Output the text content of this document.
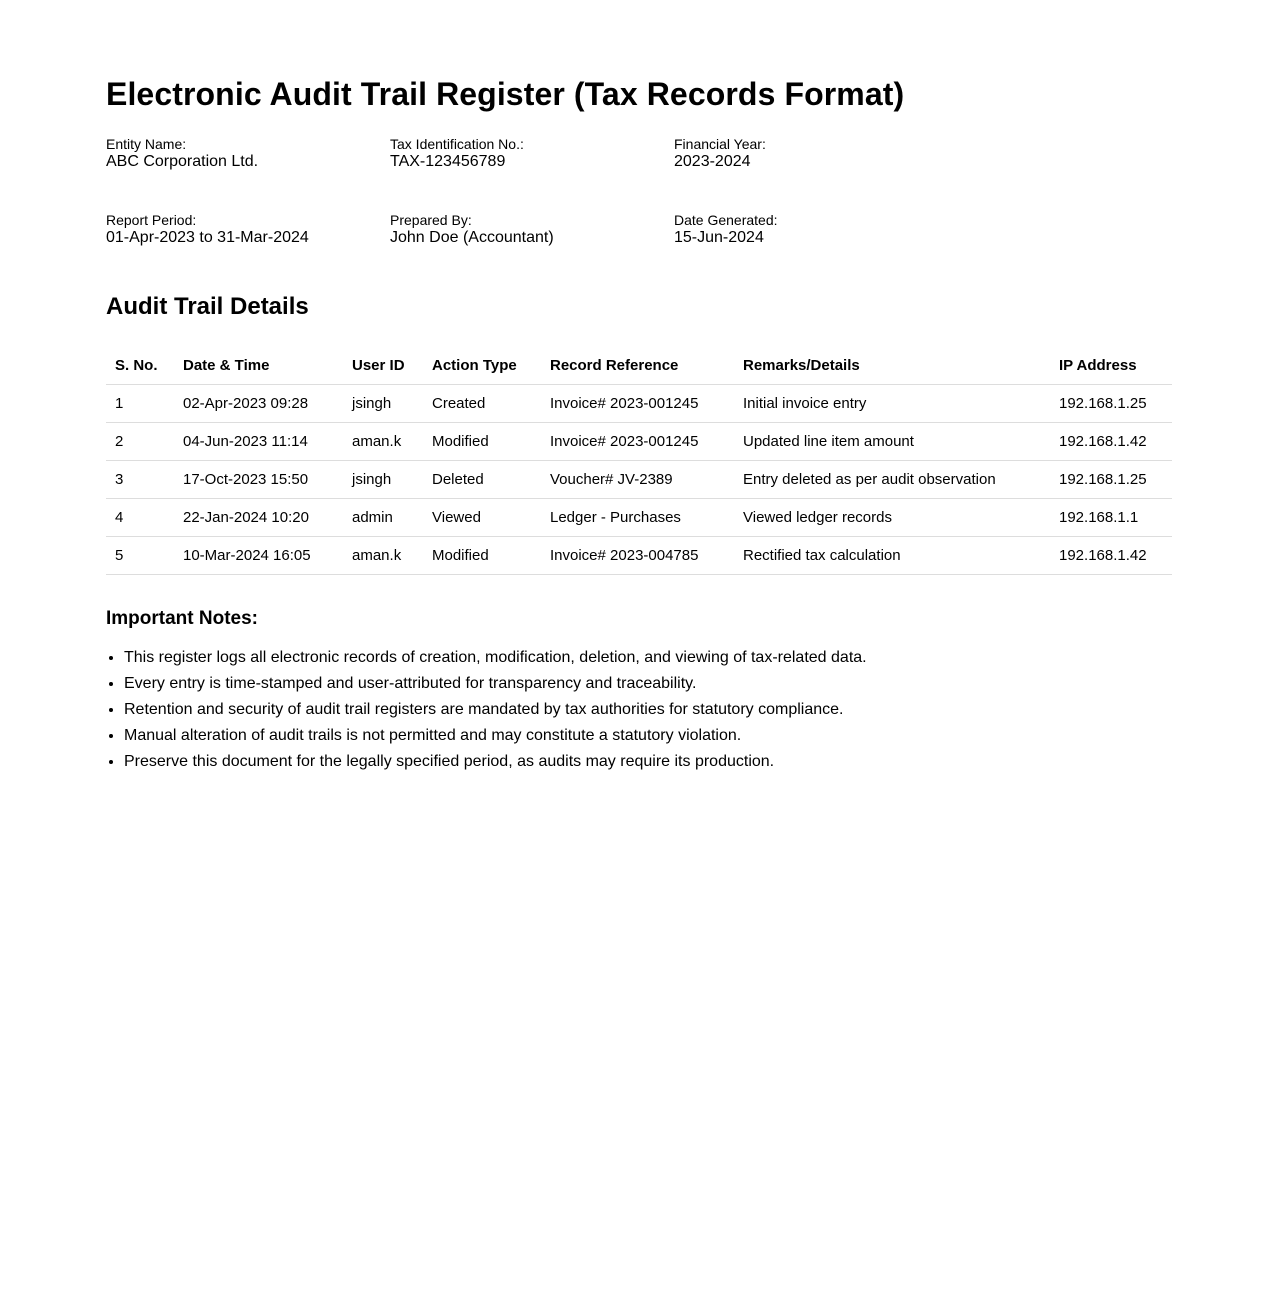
Electronic Audit Trail Register (Tax Records Format)
Entity Name:
ABC Corporation Ltd.
Tax Identification No.:
TAX-123456789
Financial Year:
2023-2024
Report Period:
01-Apr-2023 to 31-Mar-2024
Prepared By:
John Doe (Accountant)
Date Generated:
15-Jun-2024
Audit Trail Details
S. No.	Date & Time	User ID	Action Type	Record Reference	Remarks/Details	IP Address
1	02-Apr-2023 09:28	jsingh	Created	Invoice# 2023-001245	Initial invoice entry	192.168.1.25
2	04-Jun-2023 11:14	aman.k	Modified	Invoice# 2023-001245	Updated line item amount	192.168.1.42
3	17-Oct-2023 15:50	jsingh	Deleted	Voucher# JV-2389	Entry deleted as per audit observation	192.168.1.25
4	22-Jan-2024 10:20	admin	Viewed	Ledger - Purchases	Viewed ledger records	192.168.1.1
5	10-Mar-2024 16:05	aman.k	Modified	Invoice# 2023-004785	Rectified tax calculation	192.168.1.42
Important Notes:
• This register logs all electronic records of creation, modification, deletion, and viewing of tax-related data.
• Every entry is time-stamped and user-attributed for transparency and traceability.
• Retention and security of audit trail registers are mandated by tax authorities for statutory compliance.
• Manual alteration of audit trails is not permitted and may constitute a statutory violation.
• Preserve this document for the legally specified period, as audits may require its production.
